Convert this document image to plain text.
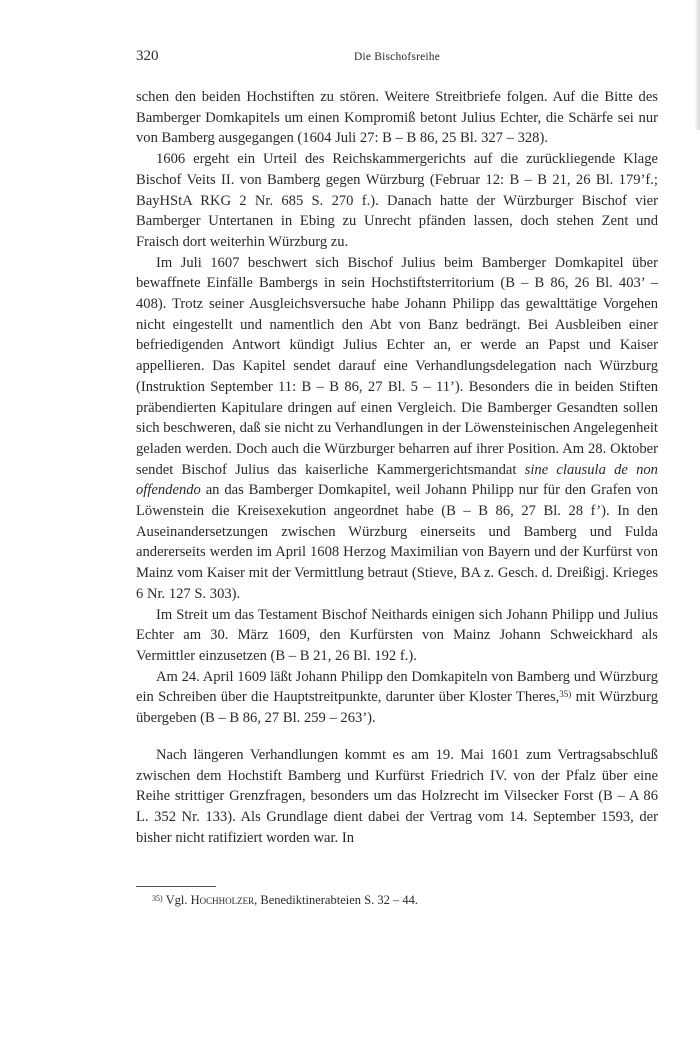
320	Die Bischofsreihe

schen den beiden Hochstiften zu stören. Weitere Streitbriefe folgen. Auf die Bitte des Bamberger Domkapitels um einen Kompromiß betont Julius Echter, die Schärfe sei nur von Bamberg ausgegangen (1604 Juli 27: B – B 86, 25 Bl. 327 – 328).

1606 ergeht ein Urteil des Reichskammergerichts auf die zurückliegende Klage Bischof Veits II. von Bamberg gegen Würzburg (Februar 12: B – B 21, 26 Bl. 179’f.; BayHStA RKG 2 Nr. 685 S. 270 f.). Danach hatte der Würzburger Bischof vier Bamberger Untertanen in Ebing zu Unrecht pfänden lassen, doch stehen Zent und Fraisch dort weiterhin Würzburg zu.

Im Juli 1607 beschwert sich Bischof Julius beim Bamberger Domkapitel über bewaffnete Einfälle Bambergs in sein Hochstiftsterritorium (B – B 86, 26 Bl. 403’ – 408). Trotz seiner Ausgleichsversuche habe Johann Philipp das gewalttätige Vorgehen nicht eingestellt und namentlich den Abt von Banz bedrängt. Bei Ausbleiben einer befriedigenden Antwort kündigt Julius Echter an, er werde an Papst und Kaiser appellieren. Das Kapitel sendet darauf eine Verhandlungsdelegation nach Würzburg (Instruktion September 11: B – B 86, 27 Bl. 5 – 11’). Besonders die in beiden Stiften präbendierten Kapitulare dringen auf einen Vergleich. Die Bamberger Gesandten sollen sich beschweren, daß sie nicht zu Verhandlungen in der Löwensteinischen Angelegenheit geladen werden. Doch auch die Würzburger beharren auf ihrer Position. Am 28. Oktober sendet Bischof Julius das kaiserliche Kammergerichtsmandat sine clausula de non offendendo an das Bamberger Domkapitel, weil Johann Philipp nur für den Grafen von Löwenstein die Kreisexekution angeordnet habe (B – B 86, 27 Bl. 28 f’). In den Auseinandersetzungen zwischen Würzburg einerseits und Bamberg und Fulda andererseits werden im April 1608 Herzog Maximilian von Bayern und der Kurfürst von Mainz vom Kaiser mit der Vermittlung betraut (Stieve, BA z. Gesch. d. Dreißigj. Krieges 6 Nr. 127 S. 303).

Im Streit um das Testament Bischof Neithards einigen sich Johann Philipp und Julius Echter am 30. März 1609, den Kurfürsten von Mainz Johann Schweickhard als Vermittler einzusetzen (B – B 21, 26 Bl. 192 f.).

Am 24. April 1609 läßt Johann Philipp den Domkapiteln von Bamberg und Würzburg ein Schreiben über die Hauptstreitpunkte, darunter über Kloster Theres,$^{35)}$ mit Würzburg übergeben (B – B 86, 27 Bl. 259 – 263’).

Nach längeren Verhandlungen kommt es am 19. Mai 1601 zum Vertragsabschluß zwischen dem Hochstift Bamberg und Kurfürst Friedrich IV. von der Pfalz über eine Reihe strittiger Grenzfragen, besonders um das Holzrecht im Vilsecker Forst (B – A 86 L. 352 Nr. 133). Als Grundlage dient dabei der Vertrag vom 14. September 1593, der bisher nicht ratifiziert worden war. In

$^{35)}$ Vgl. Hochholzer, Benediktinerabteien S. 32 – 44.
